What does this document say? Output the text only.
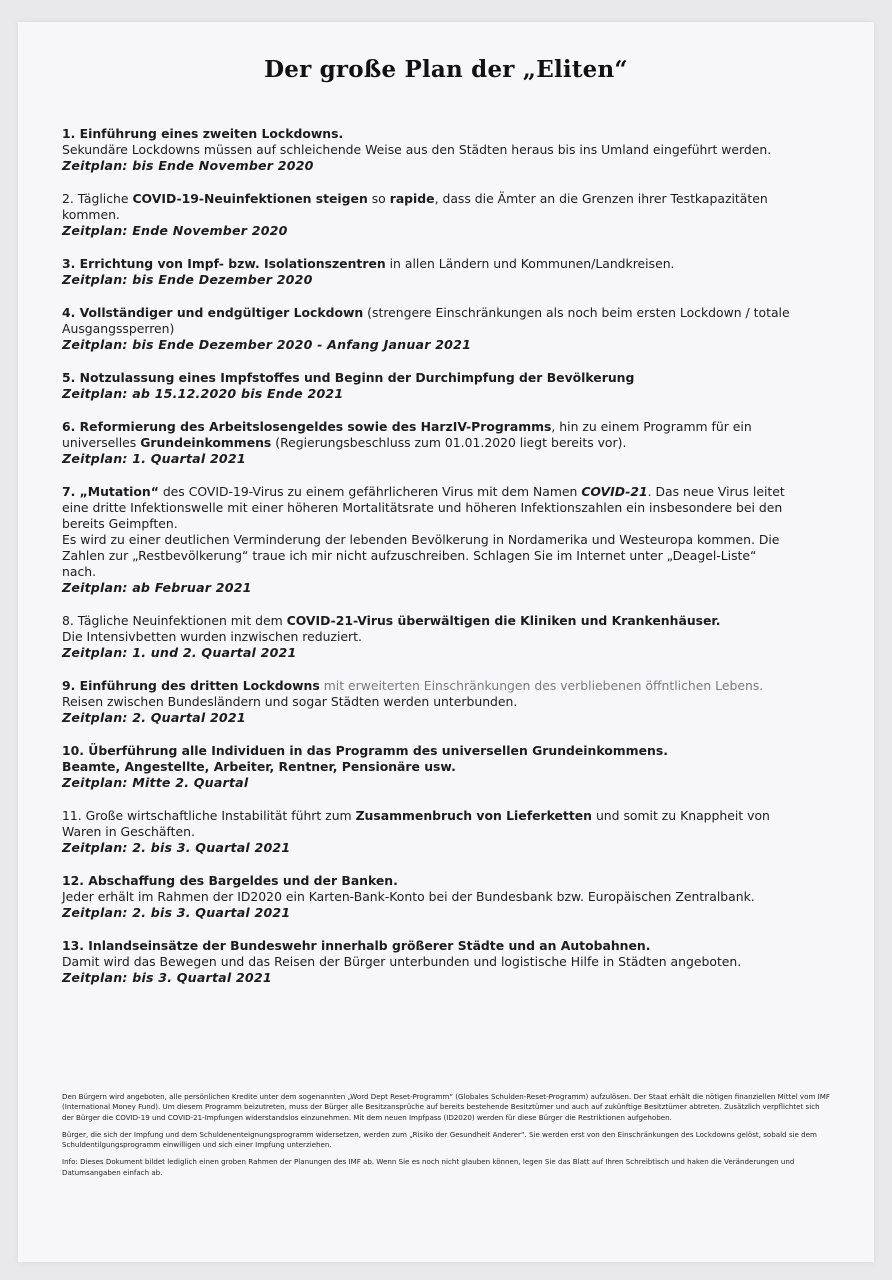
Der große Plan der „Eliten“

1. Einführung eines zweiten Lockdowns.

Sekundäre Lockdowns müssen auf schleichende Weise aus den Städten heraus bis ins Umland eingeführt werden.

Zeitplan: bis Ende November 2020

2. Tägliche COVID-19-Neuinfektionen steigen so rapide, dass die Ämter an die Grenzen ihrer Testkapazitäten kommen.

Zeitplan: Ende November 2020

3. Errichtung von Impf- bzw. Isolationszentren in allen Ländern und Kommunen/Landkreisen.

Zeitplan: bis Ende Dezember 2020

4. Vollständiger und endgültiger Lockdown (strengere Einschränkungen als noch beim ersten Lockdown / totale Ausgangssperren)

Zeitplan: bis Ende Dezember 2020 - Anfang Januar 2021

5. Notzulassung eines Impfstoffes und Beginn der Durchimpfung der Bevölkerung

Zeitplan: ab 15.12.2020 bis Ende 2021

6. Reformierung des Arbeitslosengeldes sowie des HarzIV-Programms, hin zu einem Programm für ein universelles Grundeinkommens (Regierungsbeschluss zum 01.01.2020 liegt bereits vor).

Zeitplan: 1. Quartal 2021

7. „Mutation“ des COVID-19-Virus zu einem gefährlicheren Virus mit dem Namen COVID-21. Das neue Virus leitet eine dritte Infektionswelle mit einer höheren Mortalitätsrate und höheren Infektionszahlen ein insbesondere bei den bereits Geimpften.

Es wird zu einer deutlichen Verminderung der lebenden Bevölkerung in Nordamerika und Westeuropa kommen. Die Zahlen zur „Restbevölkerung“ traue ich mir nicht aufzuschreiben. Schlagen Sie im Internet unter „Deagel-Liste“ nach.

Zeitplan: ab Februar 2021

8. Tägliche Neuinfektionen mit dem COVID-21-Virus überwältigen die Kliniken und Krankenhäuser.

Die Intensivbetten wurden inzwischen reduziert.

Zeitplan: 1. und 2. Quartal 2021

9. Einführung des dritten Lockdowns mit erweiterten Einschränkungen des verbliebenen öffntlichen Lebens.

Reisen zwischen Bundesländern und sogar Städten werden unterbunden.

Zeitplan: 2. Quartal 2021

10. Überführung alle Individuen in das Programm des universellen Grundeinkommens.

Beamte, Angestellte, Arbeiter, Rentner, Pensionäre usw.

Zeitplan: Mitte 2. Quartal

11. Große wirtschaftliche Instabilität führt zum Zusammenbruch von Lieferketten und somit zu Knappheit von Waren in Geschäften.

Zeitplan: 2. bis 3. Quartal 2021

12. Abschaffung des Bargeldes und der Banken.

Jeder erhält im Rahmen der ID2020 ein Karten-Bank-Konto bei der Bundesbank bzw. Europäischen Zentralbank.

Zeitplan: 2. bis 3. Quartal 2021

13. Inlandseinsätze der Bundeswehr innerhalb größerer Städte und an Autobahnen.

Damit wird das Bewegen und das Reisen der Bürger unterbunden und logistische Hilfe in Städten angeboten.

Zeitplan: bis 3. Quartal 2021

Den Bürgern wird angeboten, alle persönlichen Kredite unter dem sogenannten „Word Dept Reset-Programm“ (Globales Schulden-Reset-Programm) aufzulösen. Der Staat erhält die nötigen finanziellen Mittel vom IMF (International Money Fund). Um diesem Programm beizutreten, muss der Bürger alle Besitzansprüche auf bereits bestehende Besitztümer und auch auf zukünftige Besitztümer abtreten. Zusätzlich verpflichtet sich der Bürger die COVID-19 und COVID-21-Impfungen widerstandslos einzunehmen. Mit dem neuen Impfpass (ID2020) werden für diese Bürger die Restriktionen aufgehoben.

Bürger, die sich der Impfung und dem Schuldenenteignungsprogramm widersetzen, werden zum „Risiko der Gesundheit Anderer“. Sie werden erst von den Einschränkungen des Lockdowns gelöst, sobald sie dem Schuldentilgungsprogramm einwilligen und sich einer Impfung unterziehen.

Info: Dieses Dokument bildet lediglich einen groben Rahmen der Planungen des IMF ab. Wenn Sie es noch nicht glauben können, legen Sie das Blatt auf Ihren Schreibtisch und haken die Veränderungen und Datumsangaben einfach ab.
